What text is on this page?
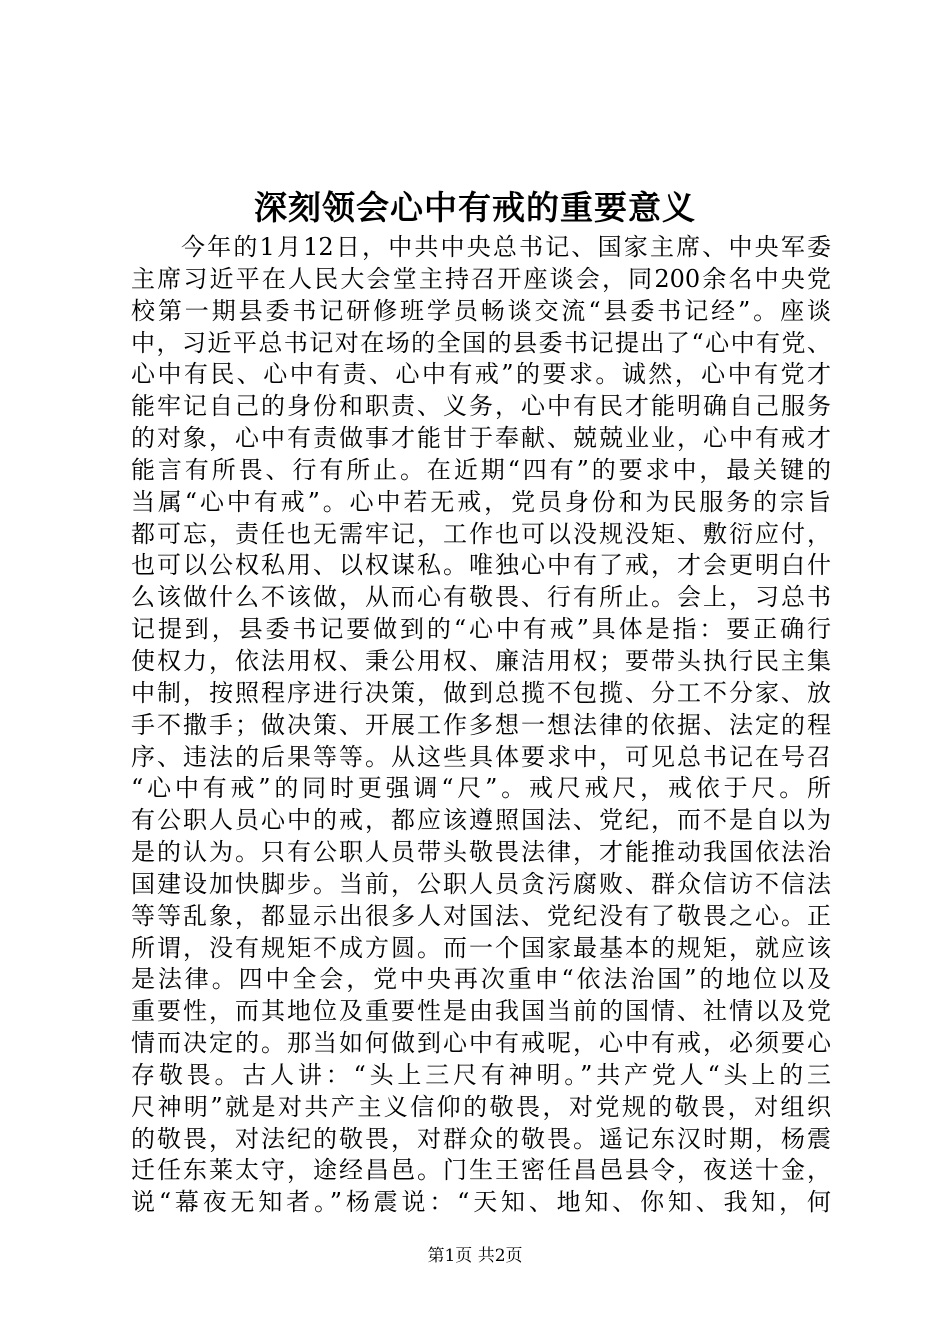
深刻领会心中有戒的重要意义
今年的1月12日，中共中央总书记、国家主席、中央军委
主席习近平在人民大会堂主持召开座谈会，同200余名中央党
校第一期县委书记研修班学员畅谈交流“县委书记经”。座谈
中，习近平总书记对在场的全国的县委书记提出了“心中有党、
心中有民、心中有责、心中有戒”的要求。诚然，心中有党才
能牢记自己的身份和职责、义务，心中有民才能明确自己服务
的对象，心中有责做事才能甘于奉献、兢兢业业，心中有戒才
能言有所畏、行有所止。在近期“四有”的要求中，最关键的
当属“心中有戒”。心中若无戒，党员身份和为民服务的宗旨
都可忘，责任也无需牢记，工作也可以没规没矩、敷衍应付，
也可以公权私用、以权谋私。唯独心中有了戒，才会更明白什
么该做什么不该做，从而心有敬畏、行有所止。会上，习总书
记提到，县委书记要做到的“心中有戒”具体是指：要正确行
使权力，依法用权、秉公用权、廉洁用权；要带头执行民主集
中制，按照程序进行决策，做到总揽不包揽、分工不分家、放
手不撒手；做决策、开展工作多想一想法律的依据、法定的程
序、违法的后果等等。从这些具体要求中，可见总书记在号召
“心中有戒”的同时更强调“尺”。戒尺戒尺，戒依于尺。所
有公职人员心中的戒，都应该遵照国法、党纪，而不是自以为
是的认为。只有公职人员带头敬畏法律，才能推动我国依法治
国建设加快脚步。当前，公职人员贪污腐败、群众信访不信法
等等乱象，都显示出很多人对国法、党纪没有了敬畏之心。正
所谓，没有规矩不成方圆。而一个国家最基本的规矩，就应该
是法律。四中全会，党中央再次重申“依法治国”的地位以及
重要性，而其地位及重要性是由我国当前的国情、社情以及党
情而决定的。那当如何做到心中有戒呢，心中有戒，必须要心
存敬畏。古人讲：“头上三尺有神明。”共产党人“头上的三
尺神明”就是对共产主义信仰的敬畏，对党规的敬畏，对组织
的敬畏，对法纪的敬畏，对群众的敬畏。遥记东汉时期，杨震
迁任东莱太守，途经昌邑。门生王密任昌邑县令，夜送十金，
说“幕夜无知者。”杨震说：“天知、地知、你知、我知，何
第1页 共2页
